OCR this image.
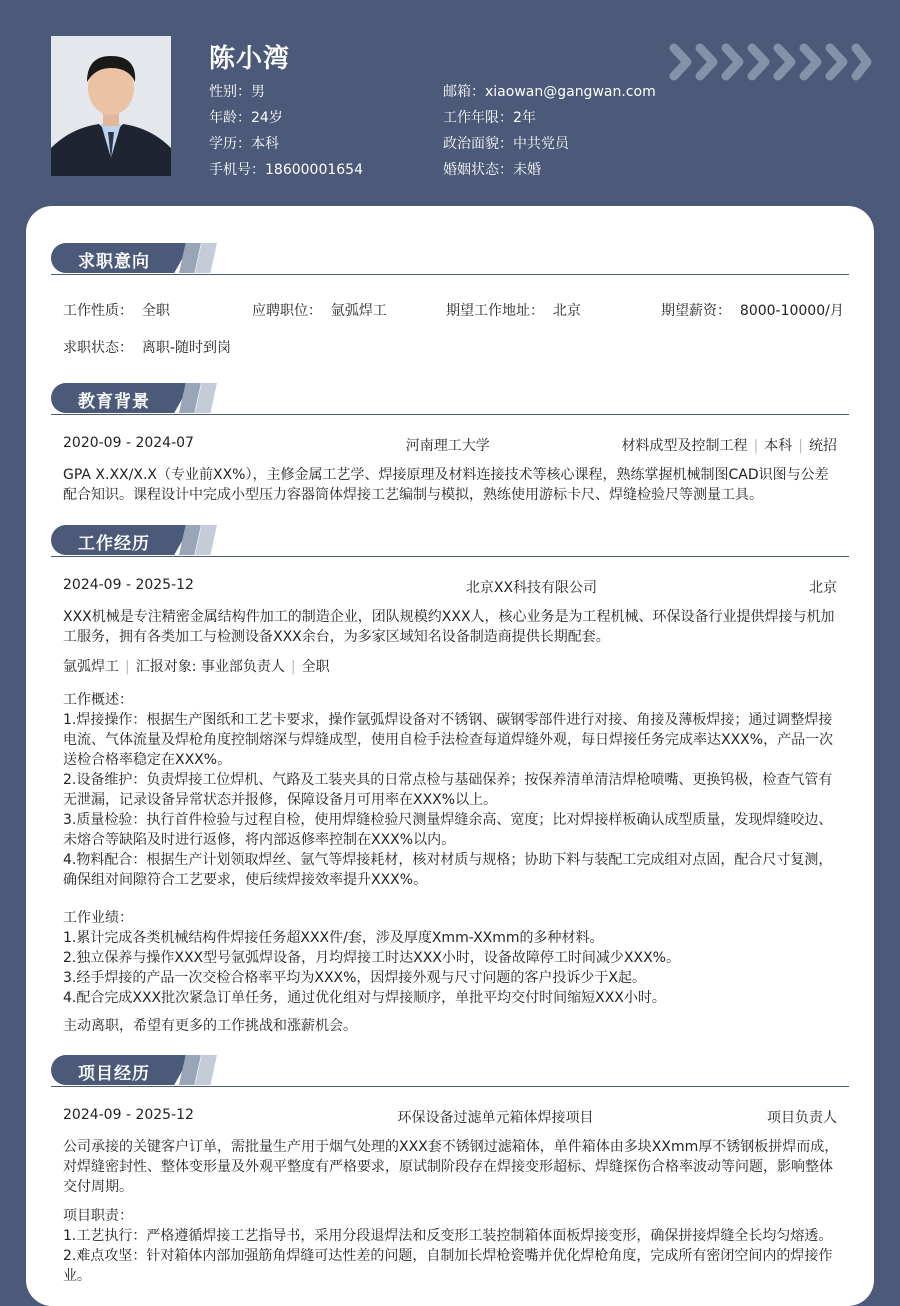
陈小湾
性别：男
年龄：24岁
学历：本科
手机号：18600001654
邮箱：xiaowan@gangwan.com
工作年限：2年
政治面貌：中共党员
婚姻状态：未婚
求职意向
工作性质： 全职	应聘职位： 氩弧焊工	期望工作地址： 北京	期望薪资： 8000-10000/月
求职状态： 离职-随时到岗
教育背景
2020-09 - 2024-07	河南理工大学	材料成型及控制工程 | 本科 | 统招
GPA X.XX/X.X（专业前XX%），主修金属工艺学、焊接原理及材料连接技术等核心课程，熟练掌握机械制图CAD识图与公差配合知识。课程设计中完成小型压力容器筒体焊接工艺编制与模拟，熟练使用游标卡尺、焊缝检验尺等测量工具。
工作经历
2024-09 - 2025-12	北京XX科技有限公司	北京
XXX机械是专注精密金属结构件加工的制造企业，团队规模约XXX人，核心业务是为工程机械、环保设备行业提供焊接与机加工服务，拥有各类加工与检测设备XXX余台，为多家区域知名设备制造商提供长期配套。
氩弧焊工 | 汇报对象: 事业部负责人 | 全职
工作概述：
1.焊接操作：根据生产图纸和工艺卡要求，操作氩弧焊设备对不锈钢、碳钢零部件进行对接、角接及薄板焊接；通过调整焊接电流、气体流量及焊枪角度控制熔深与焊缝成型，使用自检手法检查每道焊缝外观，每日焊接任务完成率达XXX%，产品一次送检合格率稳定在XXX%。
2.设备维护：负责焊接工位焊机、气路及工装夹具的日常点检与基础保养；按保养清单清洁焊枪喷嘴、更换钨极，检查气管有无泄漏，记录设备异常状态并报修，保障设备月可用率在XXX%以上。
3.质量检验：执行首件检验与过程自检，使用焊缝检验尺测量焊缝余高、宽度；比对焊接样板确认成型质量，发现焊缝咬边、未熔合等缺陷及时进行返修，将内部返修率控制在XXX%以内。
4.物料配合：根据生产计划领取焊丝、氩气等焊接耗材，核对材质与规格；协助下料与装配工完成组对点固，配合尺寸复测，确保组对间隙符合工艺要求，使后续焊接效率提升XXX%。
工作业绩：
1.累计完成各类机械结构件焊接任务超XXX件/套，涉及厚度Xmm-XXmm的多种材料。
2.独立保养与操作XXX型号氩弧焊设备，月均焊接工时达XXX小时，设备故障停工时间减少XXX%。
3.经手焊接的产品一次交检合格率平均为XXX%，因焊接外观与尺寸问题的客户投诉少于X起。
4.配合完成XXX批次紧急订单任务，通过优化组对与焊接顺序，单批平均交付时间缩短XXX小时。
主动离职，希望有更多的工作挑战和涨薪机会。
项目经历
2024-09 - 2025-12	环保设备过滤单元箱体焊接项目	项目负责人
公司承接的关键客户订单，需批量生产用于烟气处理的XXX套不锈钢过滤箱体，单件箱体由多块XXmm厚不锈钢板拼焊而成，对焊缝密封性、整体变形量及外观平整度有严格要求，原试制阶段存在焊接变形超标、焊缝探伤合格率波动等问题，影响整体交付周期。
项目职责：
1.工艺执行：严格遵循焊接工艺指导书，采用分段退焊法和反变形工装控制箱体面板焊接变形，确保拼接焊缝全长均匀熔透。
2.难点攻坚：针对箱体内部加强筋角焊缝可达性差的问题，自制加长焊枪瓷嘴并优化焊枪角度，完成所有密闭空间内的焊接作业。
